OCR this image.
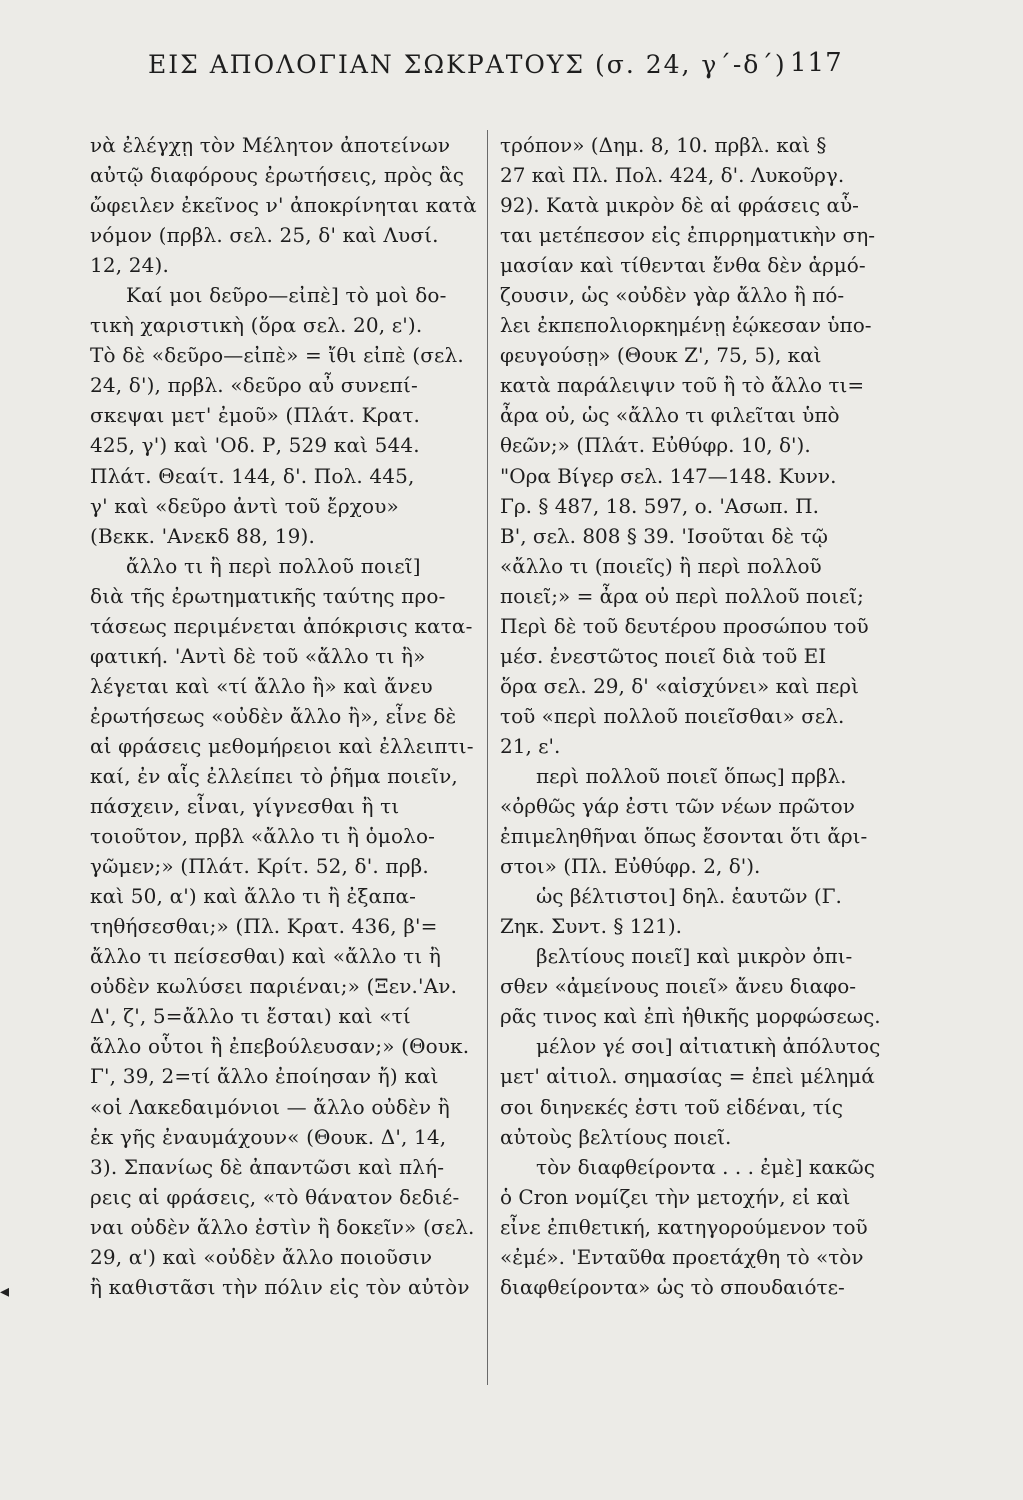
ΕΙΣ ΑΠΟΛΟΓΙΑΝ ΣΩΚΡΑΤΟΥΣ (σ. 24, γ΄-δ΄) 117
νὰ ἐλέγχῃ τὸν Μέλητον ἀποτείνων
αὐτῷ διαφόρους ἐρωτήσεις, πρὸς ἃς
ὤφειλεν ἐκεῖνος ν' ἀποκρίνηται κατὰ
νόμον (πρβλ. σελ. 25, δ' καὶ Λυσί.
12, 24).
Καί μοι δεῦρο—εἰπὲ] τὸ μοὶ δο-
τικὴ χαριστικὴ (ὅρα σελ. 20, ε').
Τὸ δὲ «δεῦρο—εἰπὲ» = ἴθι εἰπὲ (σελ.
24, δ'), πρβλ. «δεῦρο αὖ συνεπί-
σκεψαι μετ' ἐμοῦ» (Πλάτ. Κρατ.
425, γ') καὶ 'Οδ. Ρ, 529 καὶ 544.
Πλάτ. Θεαίτ. 144, δ'. Πολ. 445,
γ' καὶ «δεῦρο ἀντὶ τοῦ ἔρχου»
(Βεκκ. 'Ανεκδ 88, 19).
ἄλλο τι ἢ περὶ πολλοῦ ποιεῖ]
διὰ τῆς ἐρωτηματικῆς ταύτης προ-
τάσεως περιμένεται ἀπόκρισις κατα-
φατική. 'Αντὶ δὲ τοῦ «ἄλλο τι ἢ»
λέγεται καὶ «τί ἄλλο ἢ» καὶ ἄνευ
ἐρωτήσεως «οὐδὲν ἄλλο ἢ», εἶνε δὲ
αἱ φράσεις μεθομήρειοι καὶ ἐλλειπτι-
καί, ἐν αἷς ἐλλείπει τὸ ῥῆμα ποιεῖν,
πάσχειν, εἶναι, γίγνεσθαι ἢ τι
τοιοῦτον, πρβλ «ἄλλο τι ἢ ὁμολο-
γῶμεν;» (Πλάτ. Κρίτ. 52, δ'. πρβ.
καὶ 50, α') καὶ ἄλλο τι ἢ ἐξαπα-
τηθήσεσθαι;» (Πλ. Κρατ. 436, β'=
ἄλλο τι πείσεσθαι) καὶ «ἄλλο τι ἢ
οὐδὲν κωλύσει παριέναι;» (Ξεν.'Αν.
Δ', ζ', 5=ἄλλο τι ἔσται) καὶ «τί
ἄλλο οὗτοι ἢ ἐπεβούλευσαν;» (Θουκ.
Γ', 39, 2=τί ἄλλο ἐποίησαν ἤ) καὶ
«οἱ Λακεδαιμόνιοι — ἄλλο οὐδὲν ἢ
ἐκ γῆς ἐναυμάχουν« (Θουκ. Δ', 14,
3). Σπανίως δὲ ἀπαντῶσι καὶ πλή-
ρεις αἱ φράσεις, «τὸ θάνατον δεδιέ-
ναι οὐδὲν ἄλλο ἐστὶν ἢ δοκεῖν» (σελ.
29, α') καὶ «οὐδὲν ἄλλο ποιοῦσιν
ἢ καθιστᾶσι τὴν πόλιν εἰς τὸν αὐτὸν
τρόπον» (Δημ. 8, 10. πρβλ. καὶ §
27 καὶ Πλ. Πολ. 424, δ'. Λυκοῦργ.
92). Κατὰ μικρὸν δὲ αἱ φράσεις αὗ-
ται μετέπεσον εἰς ἐπιρρηματικὴν ση-
μασίαν καὶ τίθενται ἔνθα δὲν ἁρμό-
ζουσιν, ὡς «οὐδὲν γὰρ ἄλλο ἢ πό-
λει ἐκπεπολιορκημένῃ ἐῴκεσαν ὑπο-
φευγούσῃ» (Θουκ Ζ', 75, 5), καὶ
κατὰ παράλειψιν τοῦ ἢ τὸ ἄλλο τι=
ἆρα οὐ, ὡς «ἄλλο τι φιλεῖται ὑπὸ
θεῶν;» (Πλάτ. Εὐθύφρ. 10, δ').
"Ορα Βίγερ σελ. 147—148. Κυνν.
Γρ. § 487, 18. 597, ο. 'Ασωπ. Π.
Β', σελ. 808 § 39. 'Ισοῦται δὲ τῷ
«ἄλλο τι (ποιεῖς) ἢ περὶ πολλοῦ
ποιεῖ;» = ἆρα οὐ περὶ πολλοῦ ποιεῖ;
Περὶ δὲ τοῦ δευτέρου προσώπου τοῦ
μέσ. ἐνεστῶτος ποιεῖ διὰ τοῦ ΕΙ
ὅρα σελ. 29, δ' «αἰσχύνει» καὶ περὶ
τοῦ «περὶ πολλοῦ ποιεῖσθαι» σελ.
21, ε'.
περὶ πολλοῦ ποιεῖ ὅπως] πρβλ.
«ὀρθῶς γάρ ἐστι τῶν νέων πρῶτον
ἐπιμεληθῆναι ὅπως ἔσονται ὅτι ἄρι-
στοι» (Πλ. Εὐθύφρ. 2, δ').
ὡς βέλτιστοι] δηλ. ἑαυτῶν (Γ.
Ζηκ. Συντ. § 121).
βελτίους ποιεῖ] καὶ μικρὸν ὀπι-
σθεν «ἀμείνους ποιεῖ» ἄνευ διαφο-
ρᾶς τινος καὶ ἐπὶ ἠθικῆς μορφώσεως.
μέλον γέ σοι] αἰτιατικὴ ἀπόλυτος
μετ' αἰτιολ. σημασίας = ἐπεὶ μέλημά
σοι διηνεκές ἐστι τοῦ εἰδέναι, τίς
αὐτοὺς βελτίους ποιεῖ.
τὸν διαφθείροντα . . . ἐμὲ] κακῶς
ὁ Cron νομίζει τὴν μετοχήν, εἰ καὶ
εἶνε ἐπιθετική, κατηγορούμενον τοῦ
«ἐμέ». 'Ενταῦθα προετάχθη τὸ «τὸν
διαφθείροντα» ὡς τὸ σπουδαιότε-
◂
